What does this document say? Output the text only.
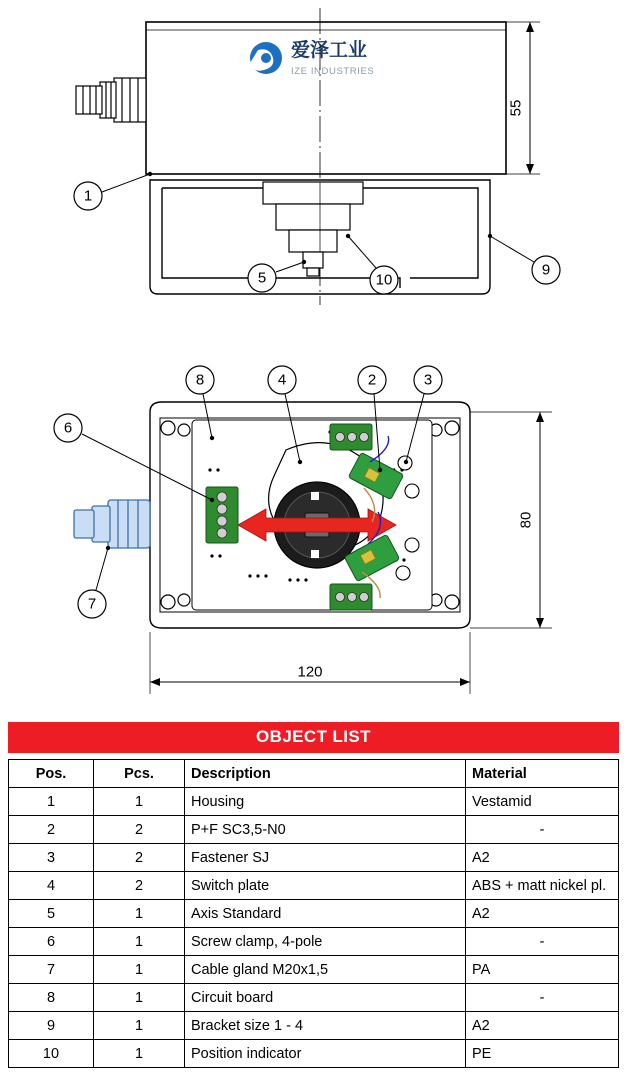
爱泽工业
IZE INDUSTRIES
55
1
5	10
9
80
120
8	4	2	3
6
7
OBJECT LIST
Pos.	Pcs.	Description	Material
1	1	Housing	Vestamid
2	2	P+F SC3,5-N0	-
3	2	Fastener SJ	A2
4	2	Switch plate	ABS + matt nickel pl.
5	1	Axis Standard	A2
6	1	Screw clamp, 4-pole	-
7	1	Cable gland M20x1,5	PA
8	1	Circuit board	-
9	1	Bracket size 1 - 4	A2
10	1	Position indicator	PE
